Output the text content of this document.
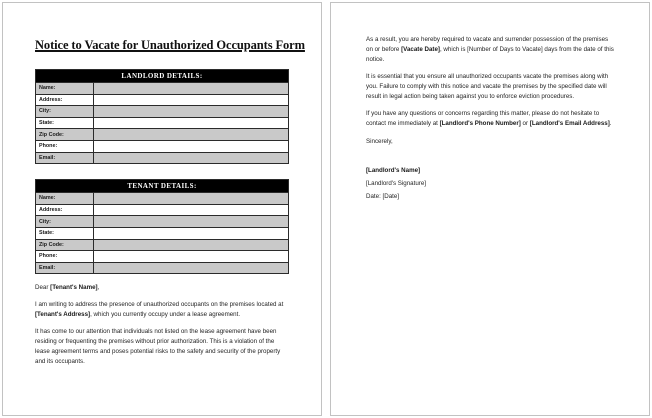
Notice to Vacate for Unauthorized Occupants Form
LANDLORD DETAILS:
Name:
Address:
City:
State:
Zip Code:
Phone:
Email:
TENANT DETAILS:
Name:
Address:
City:
State:
Zip Code:
Phone:
Email:

Dear [Tenant's Name],

I am writing to address the presence of unauthorized occupants on the premises located at [Tenant's Address], which you currently occupy under a lease agreement.

It has come to our attention that individuals not listed on the lease agreement have been residing or frequenting the premises without prior authorization. This is a violation of the lease agreement terms and poses potential risks to the safety and security of the property and its occupants.

As a result, you are hereby required to vacate and surrender possession of the premises on or before [Vacate Date], which is [Number of Days to Vacate] days from the date of this notice.

It is essential that you ensure all unauthorized occupants vacate the premises along with you. Failure to comply with this notice and vacate the premises by the specified date will result in legal action being taken against you to enforce eviction procedures.

If you have any questions or concerns regarding this matter, please do not hesitate to contact me immediately at [Landlord's Phone Number] or [Landlord's Email Address].

Sincerely,

[Landlord's Name]

[Landlord's Signature]

Date: [Date]
